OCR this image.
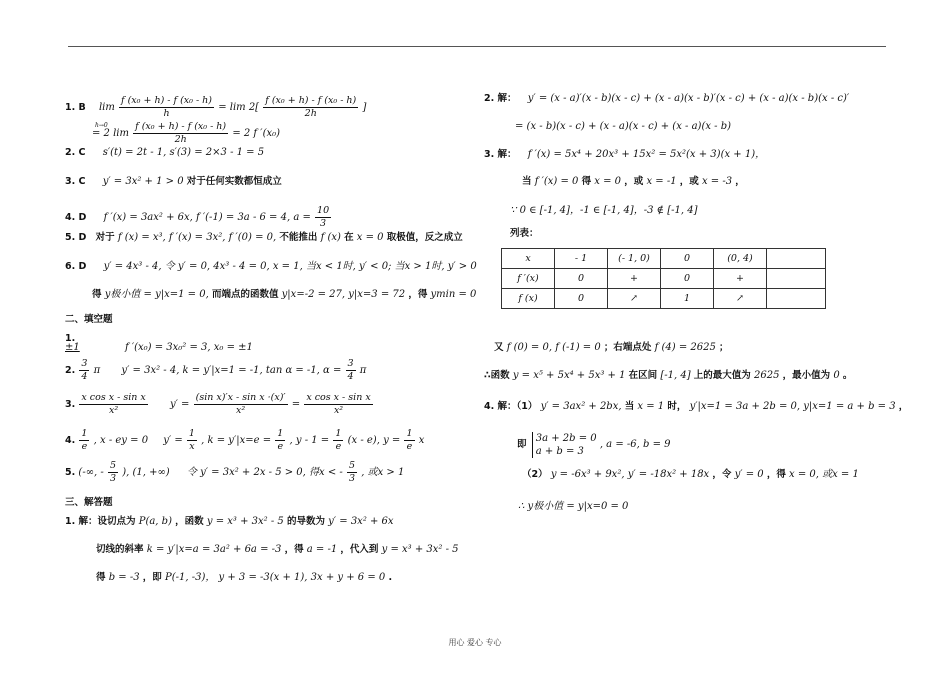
1. B $\lim \frac{\text{f (x₀ + h) - f (x₀ - h)}}{h} = \lim 2[ \frac{\text{f (x₀ + h) - f (x₀ - h)}}{2h}$ ]
h→0
= 2 $\lim \frac{\text{f (x₀ + h) - f (x₀ - h)}}{2h} = 2$ f ′(x₀)
2. C s′(t) = 2t - 1, s′(3) = 2×3 - 1 = 5
3. C y′ = 3x² + 1 > 0 对于任何实数都恒成立
4. D f ′(x) = 3ax² + 6x, f ′(-1) = 3a - 6 = 4, $a = \frac{10}{3}$
5. D 对于 f (x) = x³, f ′(x) = 3x², f ′(0) = 0, 不能推出 f (x) 在 x = 0 取极值，反之成立
6. D y′ = 4x³ - 4, 令 y′ = 0, 4x³ - 4 = 0, x = 1, 当x < 1时, y′ < 0; 当x > 1时, y′ > 0
得 y极小值 = y|x=1 = 0, 而端点的函数值 y|x=-2 = 27, y|x=3 = 72 ，得 ymin = 0
二、填空题
1.
±1	f ′(x₀) = 3x₀² = 3, x₀ = ±1
2. $\frac{3}{4}$ π y′ = 3x² - 4, k = y′|x=1 = -1, tan α = -1, $\alpha = \frac{3}{4}$ π
3. $\frac{\text{x cos x - sin x}}{\text{x²}} y' = \frac{\text{(sin x)′x - sin x ·(x)′}}{\text{x²}} = \frac{\text{x cos x - sin x}}{\text{x²}}$
4. $\frac{1}{e}$ , x - ey = 0 $y' = \frac{1}{x}$ , $k = y'|x=e = \frac{1}{e}$ , $y - 1 = \frac{1}{e} (x - e)$, $y = \frac{1}{e}$ x
5. (-∞, - $\frac{5}{3}$ ), (1, +∞) 令 y′ = 3x² + 2x - 5 > 0, 得x < - $\frac{5}{3}$ , 或x > 1
三、解答题
1. 解：设切点为 P(a, b) ，函数 y = x³ + 3x² - 5 的导数为 y′ = 3x² + 6x
切线的斜率 k = y′|x=a = 3a² + 6a = -3 ，得 a = -1 ，代入到 y = x³ + 3x² - 5
得 b = -3 ，即 P(-1, -3)， y + 3 = -3(x + 1), 3x + y + 6 = 0 .
2. 解： y′ = (x - a)′(x - b)(x - c) + (x - a)(x - b)′(x - c) + (x - a)(x - b)(x - c)′
= (x - b)(x - c) + (x - a)(x - c) + (x - a)(x - b)
3. 解： f ′(x) = 5x⁴ + 20x³ + 15x² = 5x²(x + 3)(x + 1)，
当 f ′(x) = 0 得 x = 0 ，或 x = -1 ，或 x = -3 ，
∵ 0 ∈ [-1, 4]，-1 ∈ [-1, 4]，-3 ∉ [-1, 4]
列表：
x	- 1	(- 1, 0)	0	(0, 4)	
f ′(x)	0	+	0	+	
f (x)	0	↗	1	↗	
又 f (0) = 0, f (-1) = 0 ；右端点处 f (4) = 2625 ；
∴函数 y = x⁵ + 5x⁴ + 5x³ + 1 在区间 [-1, 4] 上的最大值为 2625 ，最小值为 0 。
4. 解：（1） y′ = 3ax² + 2bx, 当 x = 1 时， y′|x=1 = 3a + 2b = 0, y|x=1 = a + b = 3 ，
即
3a + 2b = 0
a + b = 3
, a = -6, b = 9
（2） y = -6x³ + 9x², y′ = -18x² + 18x ，令 y′ = 0 ，得 x = 0, 或x = 1
∴ y极小值 = y|x=0 = 0
用心 爱心 专心
